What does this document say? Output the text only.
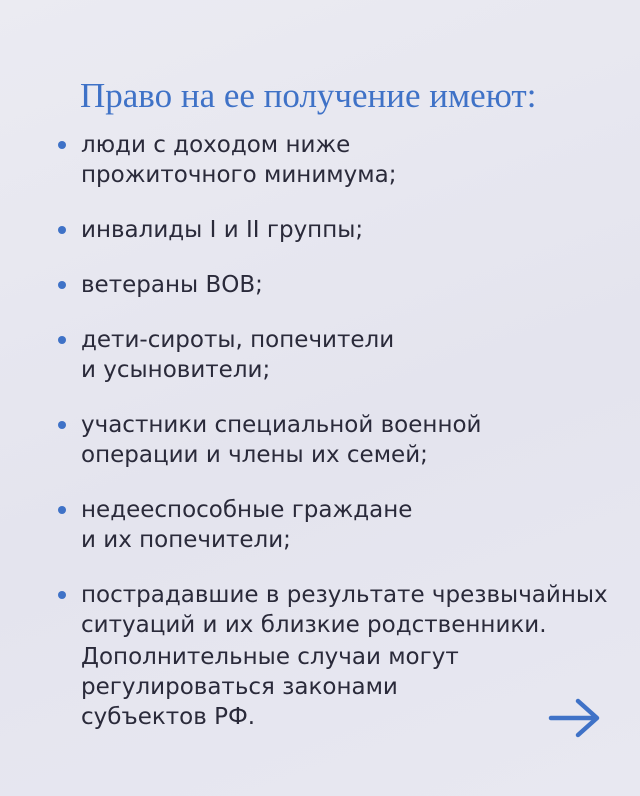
Право на ее получение имеют:
люди с доходом ниже
прожиточного минимума;
инвалиды I и II группы;
ветераны ВОВ;
дети-сироты, попечители
и усыновители;
участники специальной военной
операции и члены их семей;
недееспособные граждане
и их попечители;
пострадавшие в результате чрезвычайных
ситуаций и их близкие родственники.

Дополнительные случаи могут
регулироваться законами
субъектов РФ.
